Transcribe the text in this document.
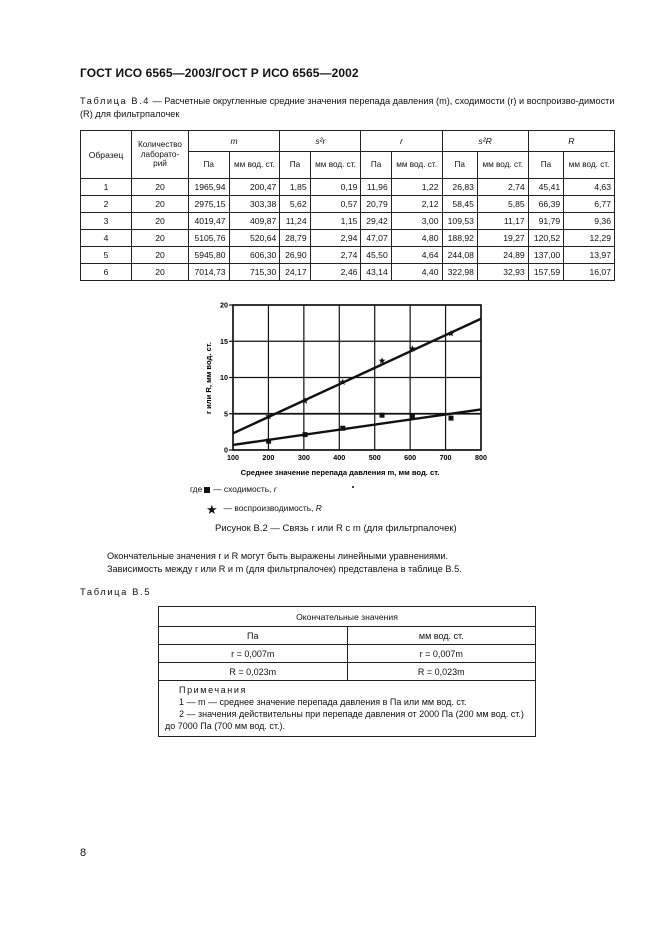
ГОСТ ИСО 6565—2003/ГОСТ Р ИСО 6565—2002
Таблица В.4 — Расчетные округленные средние значения перепада давления (m), сходимости (r) и воспроизво-димости (R) для фильтрпалочек
Образец	Количество лаборато-рий	m		s²r		r		s²R		R	
		Па	мм вод. ст.	Па	мм вод. ст.	Па	мм вод. ст.	Па	мм вод. ст.	Па	мм вод. ст.
1	20	1965,94	200,47	1,85	0,19	11,96	1,22	26,83	2,74	45,41	4,63
2	20	2975,15	303,38	5,62	0,57	20,79	2,12	58,45	5,85	66,39	6,77
3	20	4019,47	409,87	11,24	1,15	29,42	3,00	109,53	11,17	91,79	9,36
4	20	5105,76	520,64	28,79	2,94	47,07	4,80	188,92	19,27	120,52	12,29
5	20	5945,80	606,30	26,90	2,74	45,50	4,64	244,08	24,89	137,00	13,97
6	20	7014,73	715,30	24,17	2,46	43,14	4,40	322,98	32,93	157,59	16,07
100	200	300	400	500	600	700	800
0
5
10
15
20
Среднее значение перепада давления m, мм вод. ст.
r или R, мм вод. ст.
где — сходимость, r
★ — воспроизводимость, R
Рисунок В.2 — Связь r или R с m (для фильтрпалочек)
Окончательные значения r и R могут быть выражены линейными уравнениями.
Зависимость между r или R и m (для фильтрпалочек) представлена в таблице В.5.
Таблица В.5
Окончательные значения	
Па	мм вод. ст.
r = 0,007m	r = 0,007m
R = 0,023m	R = 0,023m

Примечания
1 — m — среднее значение перепада давления в Па или мм вод. ст.
2 — значения действительны при перепаде давления от 2000 Па (200 мм вод. ст.) до 7000 Па (700 мм вод. ст.).	
8
